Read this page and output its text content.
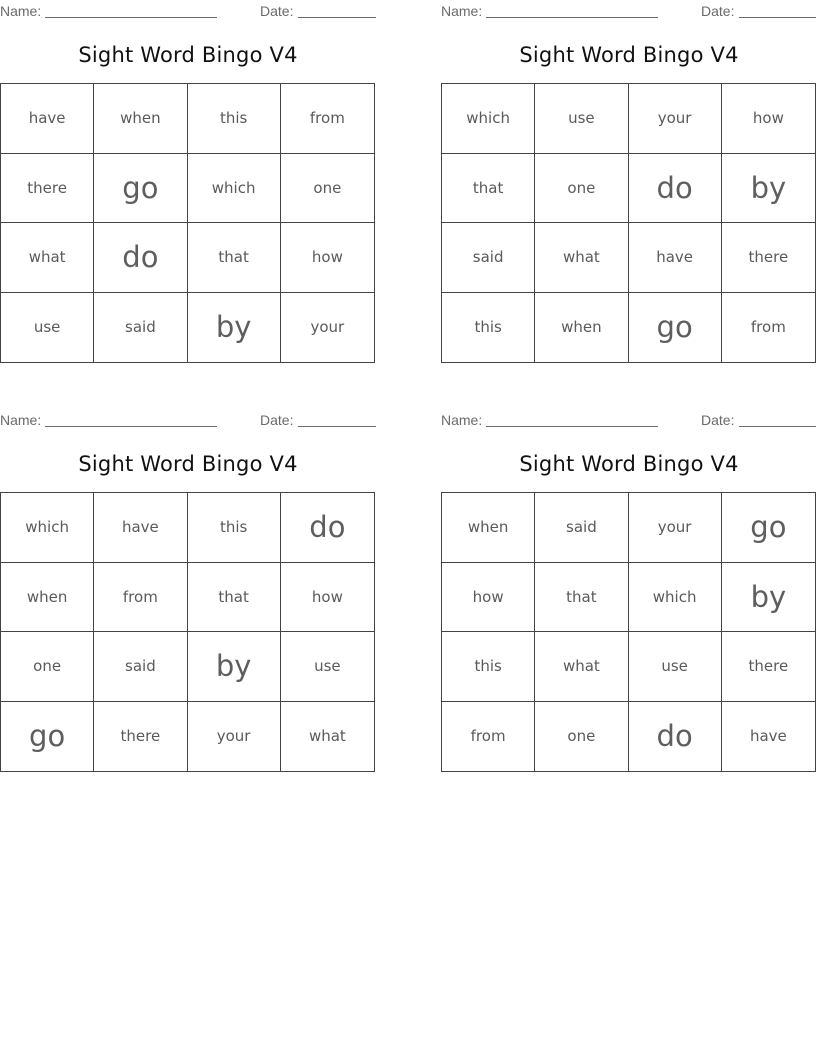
Name:	Date:
Sight Word Bingo V4
have	when	this	from
there	go	which	one
what	do	that	how
use	said	by	your
Name:	Date:
Sight Word Bingo V4
which	use	your	how
that	one	do	by
said	what	have	there
this	when	go	from
Name:	Date:
Sight Word Bingo V4
which	have	this	do
when	from	that	how
one	said	by	use
go	there	your	what
Name:	Date:
Sight Word Bingo V4
when	said	your	go
how	that	which	by
this	what	use	there
from	one	do	have
